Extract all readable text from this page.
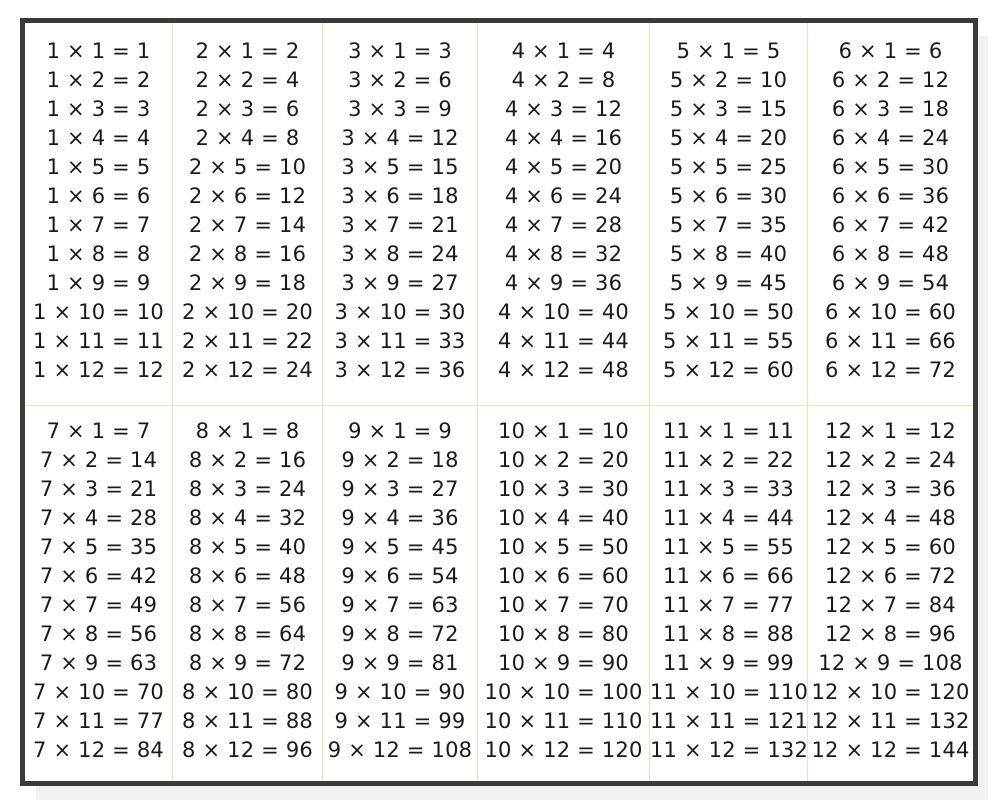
1 × 1 = 1
1 × 2 = 2
1 × 3 = 3
1 × 4 = 4
1 × 5 = 5
1 × 6 = 6
1 × 7 = 7
1 × 8 = 8
1 × 9 = 9
1 × 10 = 10
1 × 11 = 11
1 × 12 = 12
2 × 1 = 2
2 × 2 = 4
2 × 3 = 6
2 × 4 = 8
2 × 5 = 10
2 × 6 = 12
2 × 7 = 14
2 × 8 = 16
2 × 9 = 18
2 × 10 = 20
2 × 11 = 22
2 × 12 = 24
3 × 1 = 3
3 × 2 = 6
3 × 3 = 9
3 × 4 = 12
3 × 5 = 15
3 × 6 = 18
3 × 7 = 21
3 × 8 = 24
3 × 9 = 27
3 × 10 = 30
3 × 11 = 33
3 × 12 = 36
4 × 1 = 4
4 × 2 = 8
4 × 3 = 12
4 × 4 = 16
4 × 5 = 20
4 × 6 = 24
4 × 7 = 28
4 × 8 = 32
4 × 9 = 36
4 × 10 = 40
4 × 11 = 44
4 × 12 = 48
5 × 1 = 5
5 × 2 = 10
5 × 3 = 15
5 × 4 = 20
5 × 5 = 25
5 × 6 = 30
5 × 7 = 35
5 × 8 = 40
5 × 9 = 45
5 × 10 = 50
5 × 11 = 55
5 × 12 = 60
6 × 1 = 6
6 × 2 = 12
6 × 3 = 18
6 × 4 = 24
6 × 5 = 30
6 × 6 = 36
6 × 7 = 42
6 × 8 = 48
6 × 9 = 54
6 × 10 = 60
6 × 11 = 66
6 × 12 = 72
7 × 1 = 7
7 × 2 = 14
7 × 3 = 21
7 × 4 = 28
7 × 5 = 35
7 × 6 = 42
7 × 7 = 49
7 × 8 = 56
7 × 9 = 63
7 × 10 = 70
7 × 11 = 77
7 × 12 = 84
8 × 1 = 8
8 × 2 = 16
8 × 3 = 24
8 × 4 = 32
8 × 5 = 40
8 × 6 = 48
8 × 7 = 56
8 × 8 = 64
8 × 9 = 72
8 × 10 = 80
8 × 11 = 88
8 × 12 = 96
9 × 1 = 9
9 × 2 = 18
9 × 3 = 27
9 × 4 = 36
9 × 5 = 45
9 × 6 = 54
9 × 7 = 63
9 × 8 = 72
9 × 9 = 81
9 × 10 = 90
9 × 11 = 99
9 × 12 = 108
10 × 1 = 10
10 × 2 = 20
10 × 3 = 30
10 × 4 = 40
10 × 5 = 50
10 × 6 = 60
10 × 7 = 70
10 × 8 = 80
10 × 9 = 90
10 × 10 = 100
10 × 11 = 110
10 × 12 = 120
11 × 1 = 11
11 × 2 = 22
11 × 3 = 33
11 × 4 = 44
11 × 5 = 55
11 × 6 = 66
11 × 7 = 77
11 × 8 = 88
11 × 9 = 99
11 × 10 = 110
11 × 11 = 121
11 × 12 = 132
12 × 1 = 12
12 × 2 = 24
12 × 3 = 36
12 × 4 = 48
12 × 5 = 60
12 × 6 = 72
12 × 7 = 84
12 × 8 = 96
12 × 9 = 108
12 × 10 = 120
12 × 11 = 132
12 × 12 = 144
